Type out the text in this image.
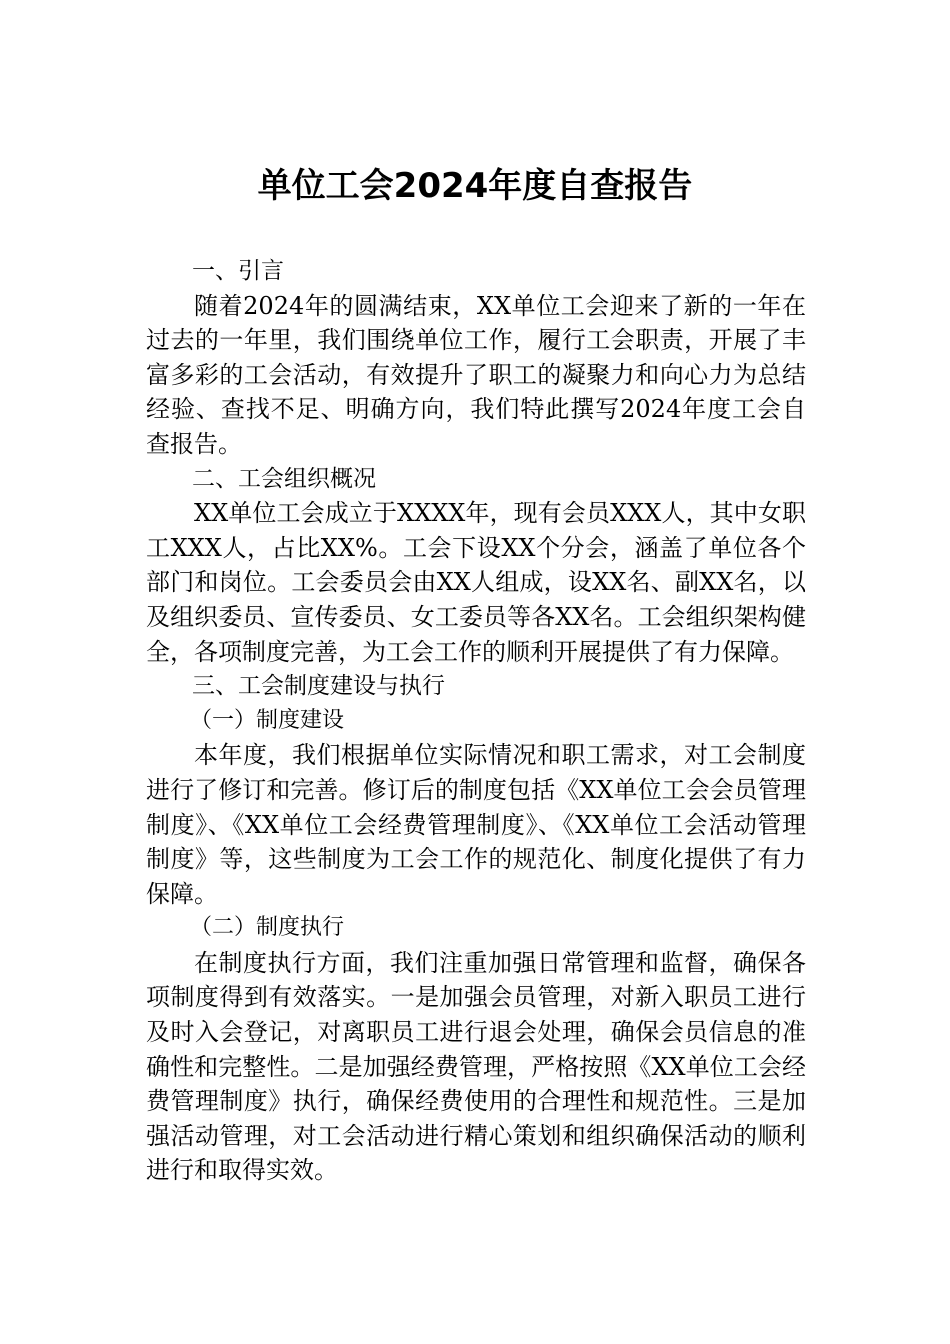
单位工会2024年度自查报告

一、引言

随着2024年的圆满结束，XX单位工会迎来了新的一年在过去的一年里，我们围绕单位工作，履行工会职责，开展了丰富多彩的工会活动，有效提升了职工的凝聚力和向心力为总结经验、查找不足、明确方向，我们特此撰写2024年度工会自查报告。

二、工会组织概况

XX单位工会成立于XXXX年，现有会员XXX人，其中女职工XXX人，占比XX%。工会下设XX个分会，涵盖了单位各个部门和岗位。工会委员会由XX人组成，设XX名、副XX名，以及组织委员、宣传委员、女工委员等各XX名。工会组织架构健全，各项制度完善，为工会工作的顺利开展提供了有力保障。

三、工会制度建设与执行

（一）制度建设

本年度，我们根据单位实际情况和职工需求，对工会制度进行了修订和完善。修订后的制度包括《XX单位工会会员管理制度》、《XX单位工会经费管理制度》、《XX单位工会活动管理制度》等，这些制度为工会工作的规范化、制度化提供了有力保障。

（二）制度执行

在制度执行方面，我们注重加强日常管理和监督，确保各项制度得到有效落实。一是加强会员管理，对新入职员工进行及时入会登记，对离职员工进行退会处理，确保会员信息的准确性和完整性。二是加强经费管理，严格按照《XX单位工会经费管理制度》执行，确保经费使用的合理性和规范性。三是加强活动管理，对工会活动进行精心策划和组织确保活动的顺利进行和取得实效。
